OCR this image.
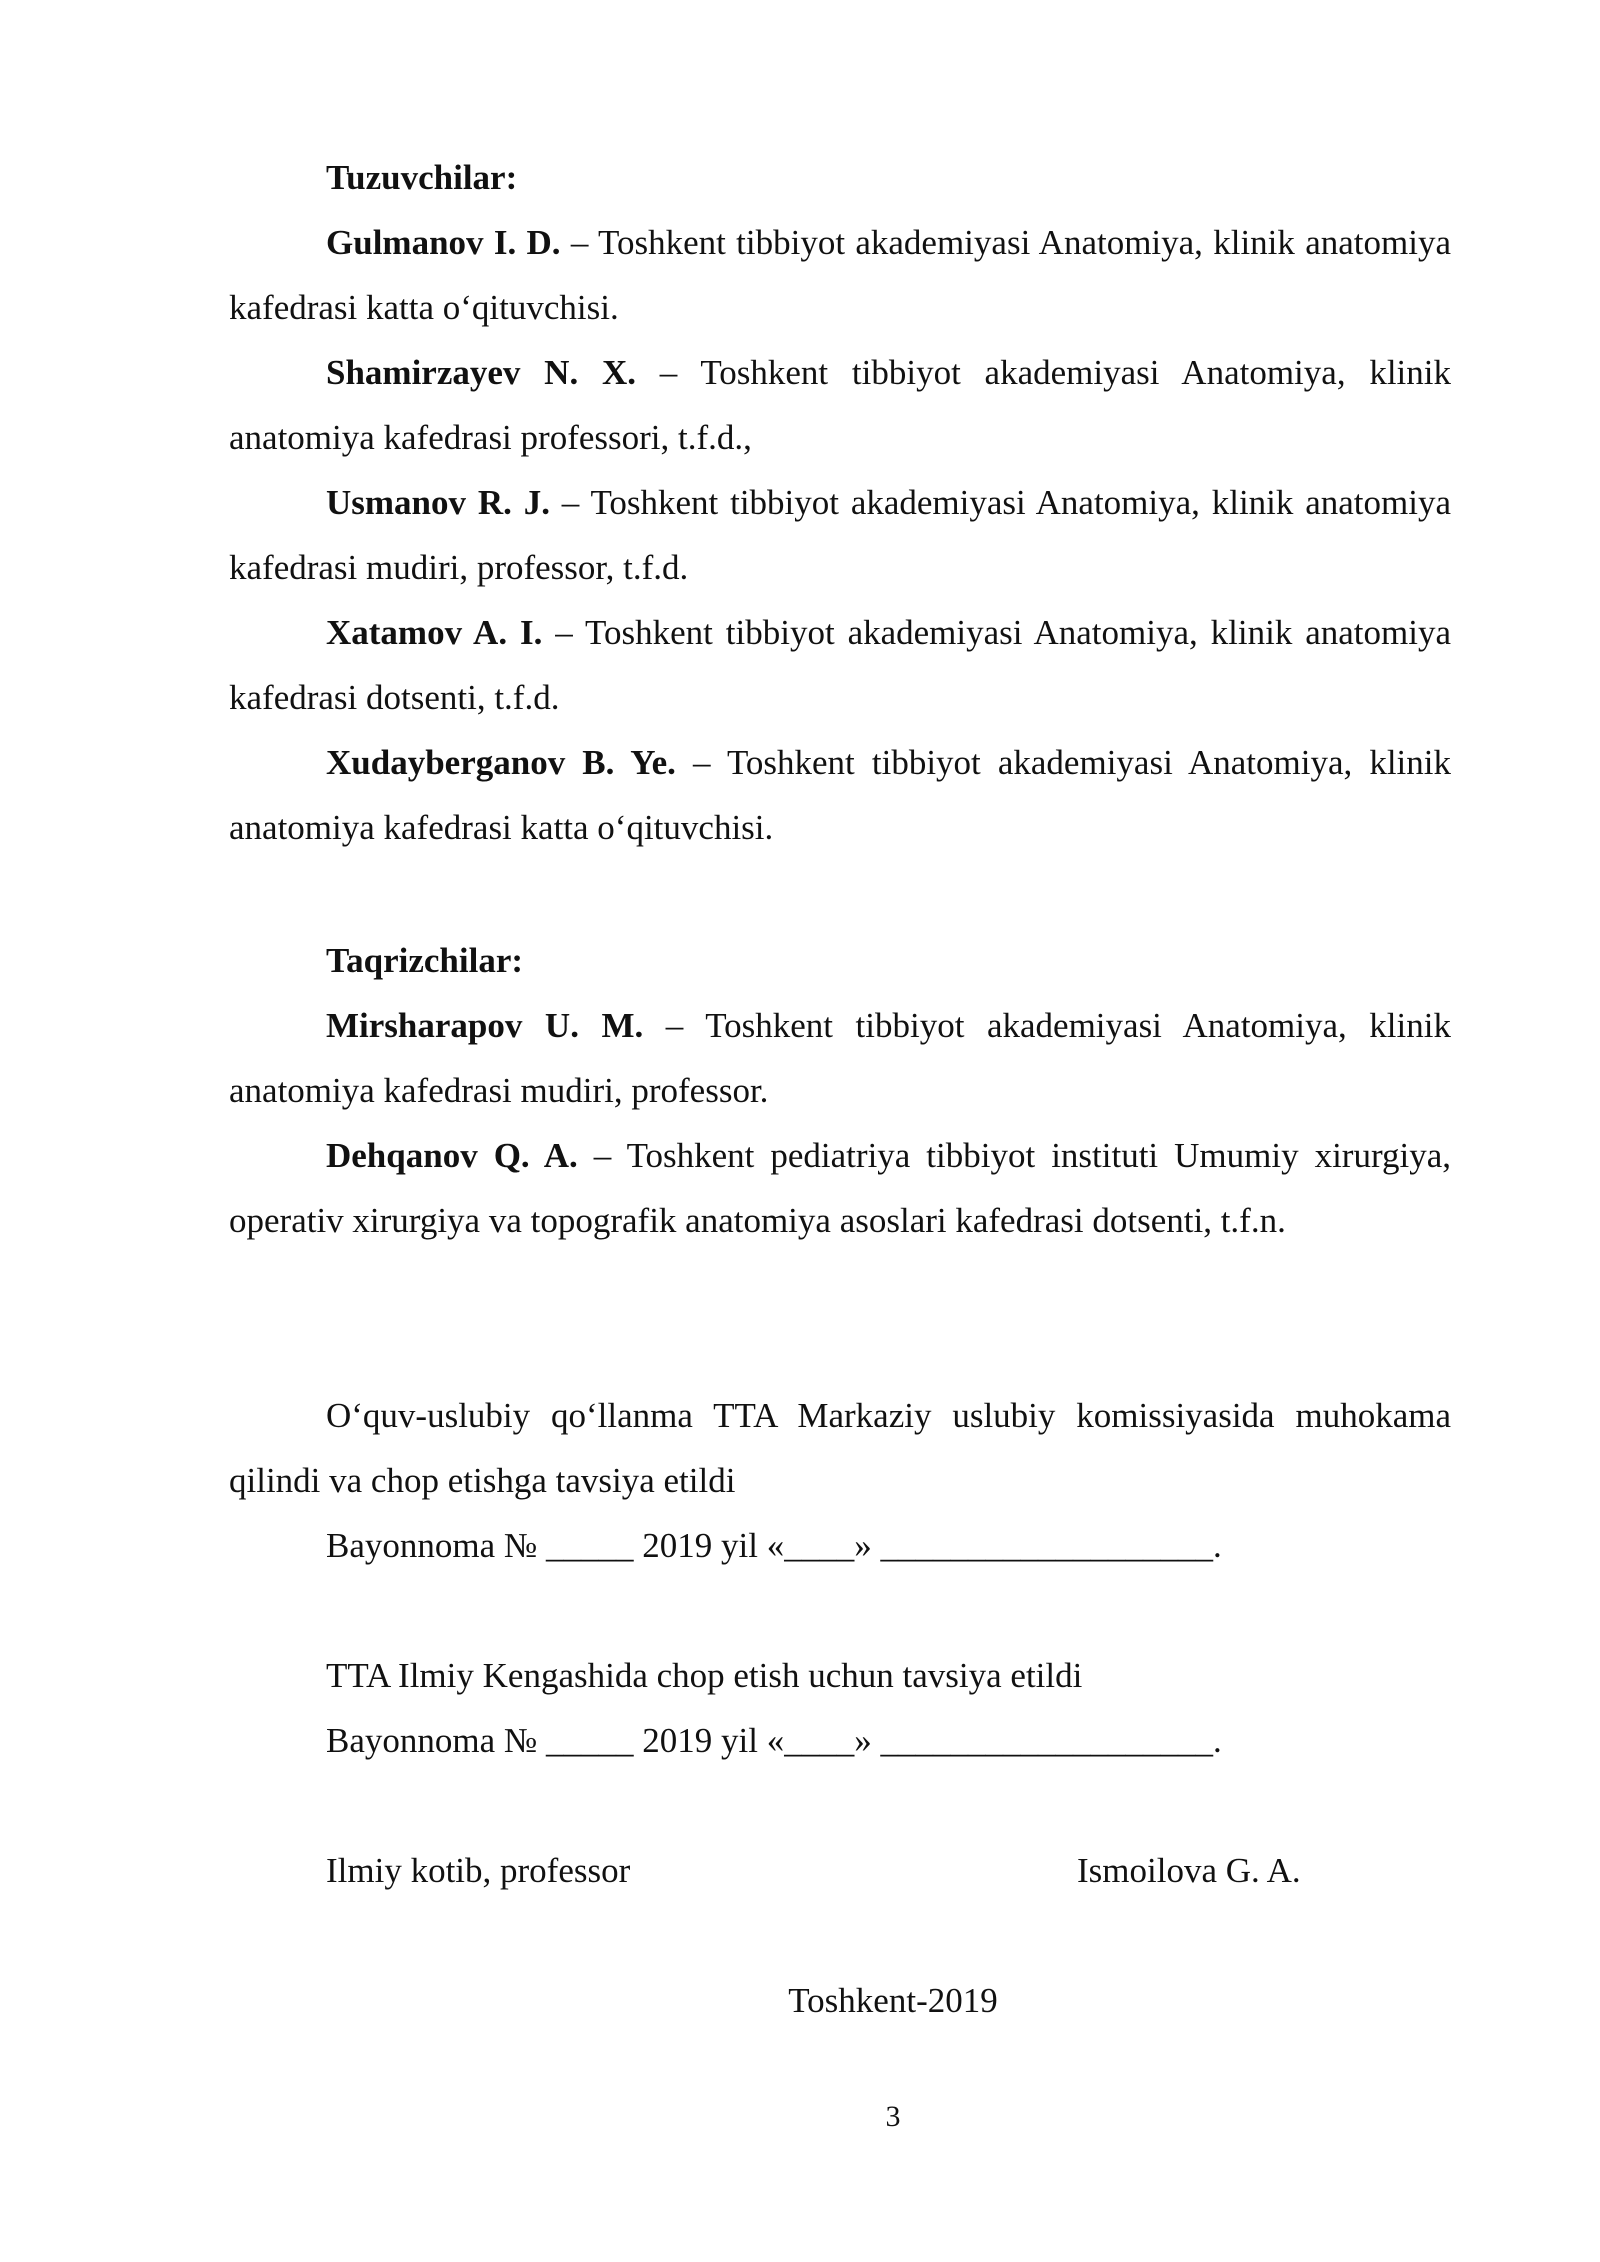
Tuzuvchilar:

Gulmanov I. D. – Toshkent tibbiyot akademiyasi Anatomiya, klinik anatomiya kafedrasi katta o‘qituvchisi.

Shamirzayev N. X. – Toshkent tibbiyot akademiyasi Anatomiya, klinik anatomiya kafedrasi professori, t.f.d.,

Usmanov R. J. – Toshkent tibbiyot akademiyasi Anatomiya, klinik anatomiya kafedrasi mudiri, professor, t.f.d.

Xatamov A. I. – Toshkent tibbiyot akademiyasi Anatomiya, klinik anatomiya kafedrasi dotsenti, t.f.d.

Xudayberganov B. Ye. – Toshkent tibbiyot akademiyasi Anatomiya, klinik anatomiya kafedrasi katta o‘qituvchisi.

Taqrizchilar:

Mirsharapov U. M. – Toshkent tibbiyot akademiyasi Anatomiya, klinik anatomiya kafedrasi mudiri, professor.

Dehqanov Q. A. – Toshkent pediatriya tibbiyot instituti Umumiy xirurgiya, operativ xirurgiya va topografik anatomiya asoslari kafedrasi dotsenti, t.f.n.

O‘quv-uslubiy qo‘llanma TTA Markaziy uslubiy komissiyasida muhokama qilindi va chop etishga tavsiya etildi

Bayonnoma № _____ 2019 yil «____» ___________________.
TTA Ilmiy Kengashida chop etish uchun tavsiya etildi
Bayonnoma № _____ 2019 yil «____» ___________________.
Ilmiy kotib, professor	Ismoilova G. A.
Toshkent-2019
3
